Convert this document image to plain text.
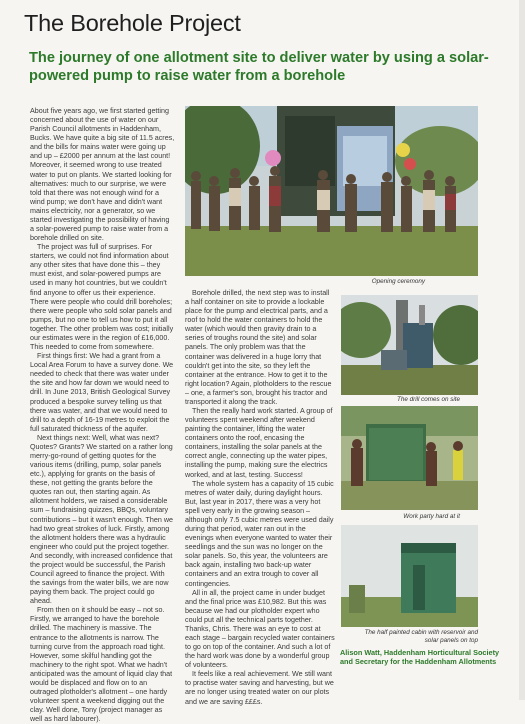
The Borehole Project
The journey of one allotment site to deliver water by using a solar-powered pump to raise water from a borehole

About five years ago, we first started getting concerned about the use of water on our Parish Council allotments in Haddenham, Bucks. We have quite a big site of 11.5 acres, and the bills for mains water were going up and up – £2000 per annum at the last count! Moreover, it seemed wrong to use treated water to put on plants. We started looking for alternatives: much to our surprise, we were told that there was not enough wind for a wind pump; we don't have and didn't want mains electricity, nor a generator, so we started investigating the possibility of having a solar-powered pump to raise water from a borehole drilled on site.

The project was full of surprises. For starters, we could not find information about any other sites that have done this – they must exist, and solar-powered pumps are used in many hot countries, but we couldn't find anyone to offer us their experience. There were people who could drill boreholes; there were people who sold solar panels and pumps, but no one to tell us how to put it all together. The other problem was cost; initially our estimates were in the region of £16,000. This needed to come from somewhere.

First things first: We had a grant from a Local Area Forum to have a survey done. We needed to check that there was water under the site and how far down we would need to drill. In June 2013, British Geological Survey produced a bespoke survey telling us that there was water, and that we would need to drill to a depth of 16-19 metres to exploit the full saturated thickness of the aquifer.

Next things next: Well, what was next? Quotes? Grants? We started on a rather long merry-go-round of getting quotes for the various items (drilling, pump, solar panels etc.), applying for grants on the basis of these, not getting the grants before the quotes ran out, then starting again. As allotment holders, we raised a considerable sum – fundraising quizzes, BBQs, voluntary contributions – but it wasn't enough. Then we had two great strokes of luck. Firstly, among the allotment holders there was a hydraulic engineer who could put the project together. And secondly, with increased confidence that the project would be successful, the Parish Council agreed to finance the project. With the savings from the water bills, we are now paying them back. The project could go ahead.

From then on it should be easy – not so. Firstly, we arranged to have the borehole drilled. The machinery is massive. The entrance to the allotments is narrow. The turning curve from the approach road tight. However, some skilful handling got the machinery to the right spot. What we hadn't anticipated was the amount of liquid clay that would be displaced and flow on to an outraged plotholder's allotment – one hardy volunteer spent a weekend digging out the clay. Well done, Tony (project manager as well as hard labourer).

Opening ceremony

Borehole drilled, the next step was to install a half container on site to provide a lockable place for the pump and electrical parts, and a roof to hold the water containers to hold the water (which would then gravity drain to a series of troughs round the site) and solar panels. The only problem was that the container was delivered in a huge lorry that couldn't get into the site, so they left the container at the entrance. How to get it to the right location? Again, plotholders to the rescue – one, a farmer's son, brought his tractor and transported it along the track.

Then the really hard work started. A group of volunteers spent weekend after weekend painting the container, lifting the water containers onto the roof, encasing the containers, installing the solar panels at the correct angle, connecting up the water pipes, installing the pump, making sure the electrics worked, and at last, testing. Success!

The whole system has a capacity of 15 cubic metres of water daily, during daylight hours. But, last year in 2017, there was a very hot spell very early in the growing season – although only 7.5 cubic metres were used daily during that period, water ran out in the evenings when everyone wanted to water their seedlings and the sun was no longer on the solar panels. So, this year, the volunteers are back again, installing two back-up water containers and an extra trough to cover all contingencies.

All in all, the project came in under budget and the final price was £10,982. But this was because we had our plotholder expert who could put all the technical parts together. Thanks, Chris. There was an eye to cost at each stage – bargain recycled water containers to go on top of the container. And such a lot of the hard work was done by a wonderful group of volunteers.

It feels like a real achievement. We still want to practise water saving and harvesting, but we are no longer using treated water on our plots and we are saving £££s.

The drill comes on site
Work party hard at it
The half painted cabin with reservoir and solar panels on top
Alison Watt, Haddenham Horticultural Society and Secretary for the Haddenham Allotments
